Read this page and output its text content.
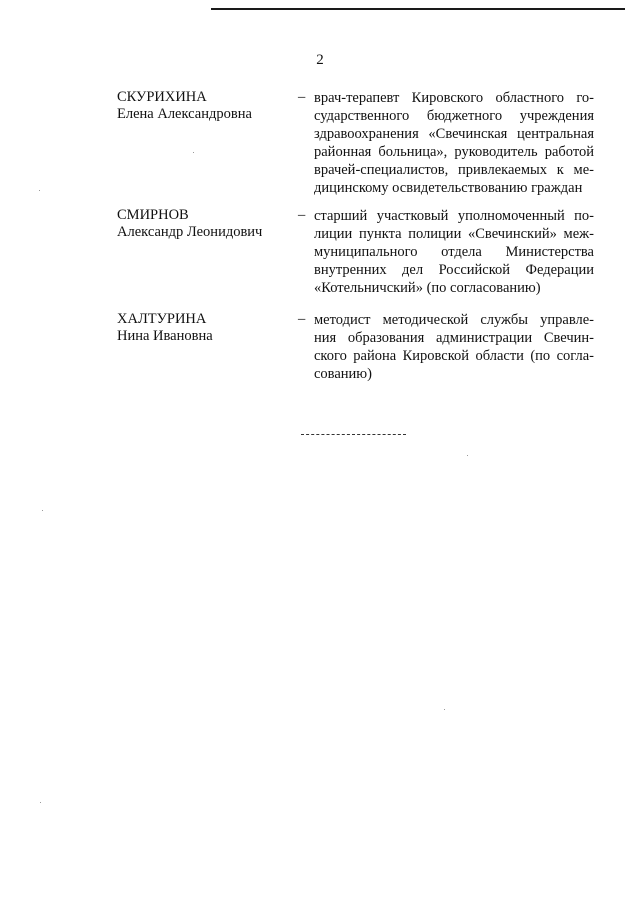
2
СКУРИХИНА
Елена Александровна
– врач-терапевт Кировского областного го-
сударственного бюджетного учреждения
здравоохранения «Свечинская центральная
районная больница», руководитель работой
врачей-специалистов, привлекаемых к ме-
дицинскому освидетельствованию граждан
СМИРНОВ
Александр Леонидович
– старший участковый уполномоченный по-
лиции пункта полиции «Свечинский» меж-
муниципального отдела Министерства
внутренних дел Российской Федерации
«Котельничский» (по согласованию)
ХАЛТУРИНА
Нина Ивановна
– методист методической службы управле-
ния образования администрации Свечин-
ского района Кировской области (по согла-
сованию)
